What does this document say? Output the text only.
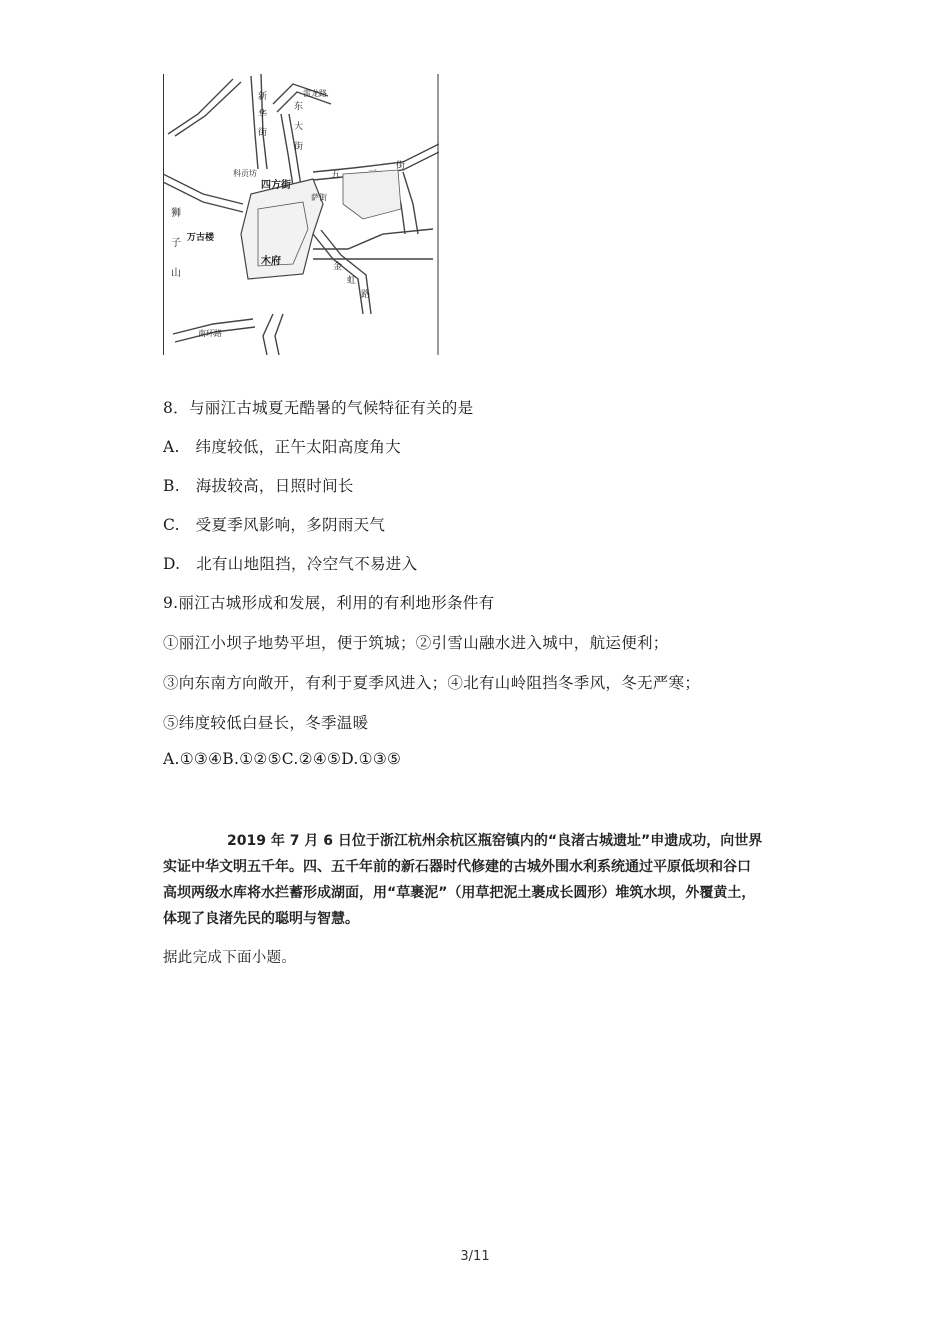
新华街
东大街
科贡坊
四方街
萨街
五	一街
狮子山
万古楼
木府
雷龙路
金虹路
南环路
8．与丽江古城夏无酷暑的气候特征有关的是
A.　纬度较低，正午太阳高度角大
B.　海拔较高，日照时间长
C.　受夏季风影响，多阴雨天气
D.　北有山地阻挡，冷空气不易进入
9.丽江古城形成和发展，利用的有利地形条件有
①丽江小坝子地势平坦，便于筑城；②引雪山融水进入城中，航运便利；
③向东南方向敞开，有利于夏季风进入；④北有山岭阻挡冬季风，冬无严寒；
⑤纬度较低白昼长，冬季温暖
A.①③④B.①②⑤C.②④⑤D.①③⑤
2019 年 7 月 6 日位于浙江杭州余杭区瓶窑镇内的“良渚古城遗址”申遗成功，向世界
实证中华文明五千年。四、五千年前的新石器时代修建的古城外围水利系统通过平原低坝和谷口
高坝两级水库将水拦蓄形成湖面，用“草裹泥”（用草把泥土裹成长圆形）堆筑水坝，外覆黄土，
体现了良渚先民的聪明与智慧。
据此完成下面小题。
3/11
